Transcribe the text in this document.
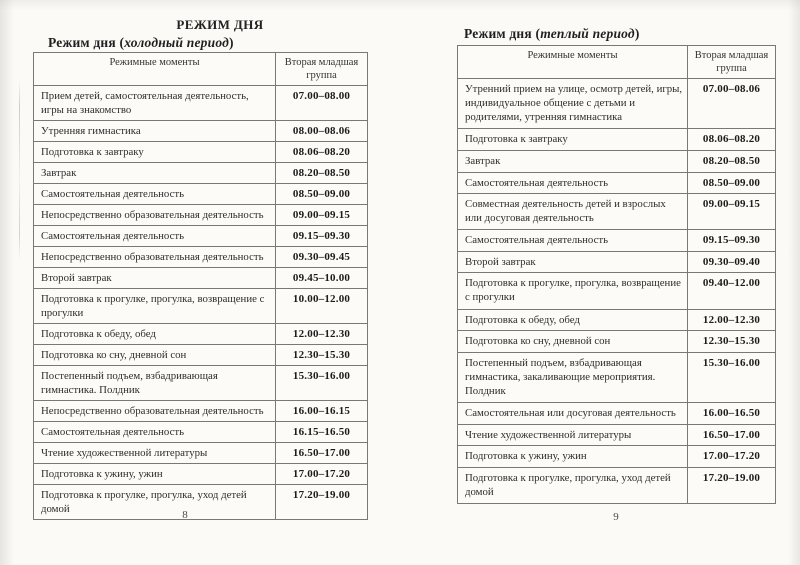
РЕЖИМ ДНЯ
Режим дня (холодный период)
Режимные моменты	Вторая младшая группа
Прием детей, самостоятельная деятельность, игры на знакомство	07.00–08.00
Утренняя гимнастика	08.00–08.06
Подготовка к завтраку	08.06–08.20
Завтрак	08.20–08.50
Самостоятельная деятельность	08.50–09.00
Непосредственно образовательная деятельность	09.00–09.15
Самостоятельная деятельность	09.15–09.30
Непосредственно образовательная деятельность	09.30–09.45
Второй завтрак	09.45–10.00
Подготовка к прогулке, прогулка, возвращение с прогулки	10.00–12.00
Подготовка к обеду, обед	12.00–12.30
Подготовка ко сну, дневной сон	12.30–15.30
Постепенный подъем, взбадривающая гимнастика. Полдник	15.30–16.00
Непосредственно образовательная деятельность	16.00–16.15
Самостоятельная деятельность	16.15–16.50
Чтение художественной литературы	16.50–17.00
Подготовка к ужину, ужин	17.00–17.20
Подготовка к прогулке, прогулка, уход детей домой	17.20–19.00
8
Режим дня (теплый период)
Режимные моменты	Вторая младшая группа
Утренний прием на улице, осмотр детей, игры, индивидуальное общение с детьми и родителями, утренняя гимнастика	07.00–08.06
Подготовка к завтраку	08.06–08.20
Завтрак	08.20–08.50
Самостоятельная деятельность	08.50–09.00
Совместная деятельность детей и взрослых или досуговая деятельность	09.00–09.15
Самостоятельная деятельность	09.15–09.30
Второй завтрак	09.30–09.40
Подготовка к прогулке, прогулка, возвращение с прогулки	09.40–12.00
Подготовка к обеду, обед	12.00–12.30
Подготовка ко сну, дневной сон	12.30–15.30
Постепенный подъем, взбадривающая гимнастика, закаливающие мероприятия. Полдник	15.30–16.00
Самостоятельная или досуговая деятельность	16.00–16.50
Чтение художественной литературы	16.50–17.00
Подготовка к ужину, ужин	17.00–17.20
Подготовка к прогулке, прогулка, уход детей домой	17.20–19.00
9
